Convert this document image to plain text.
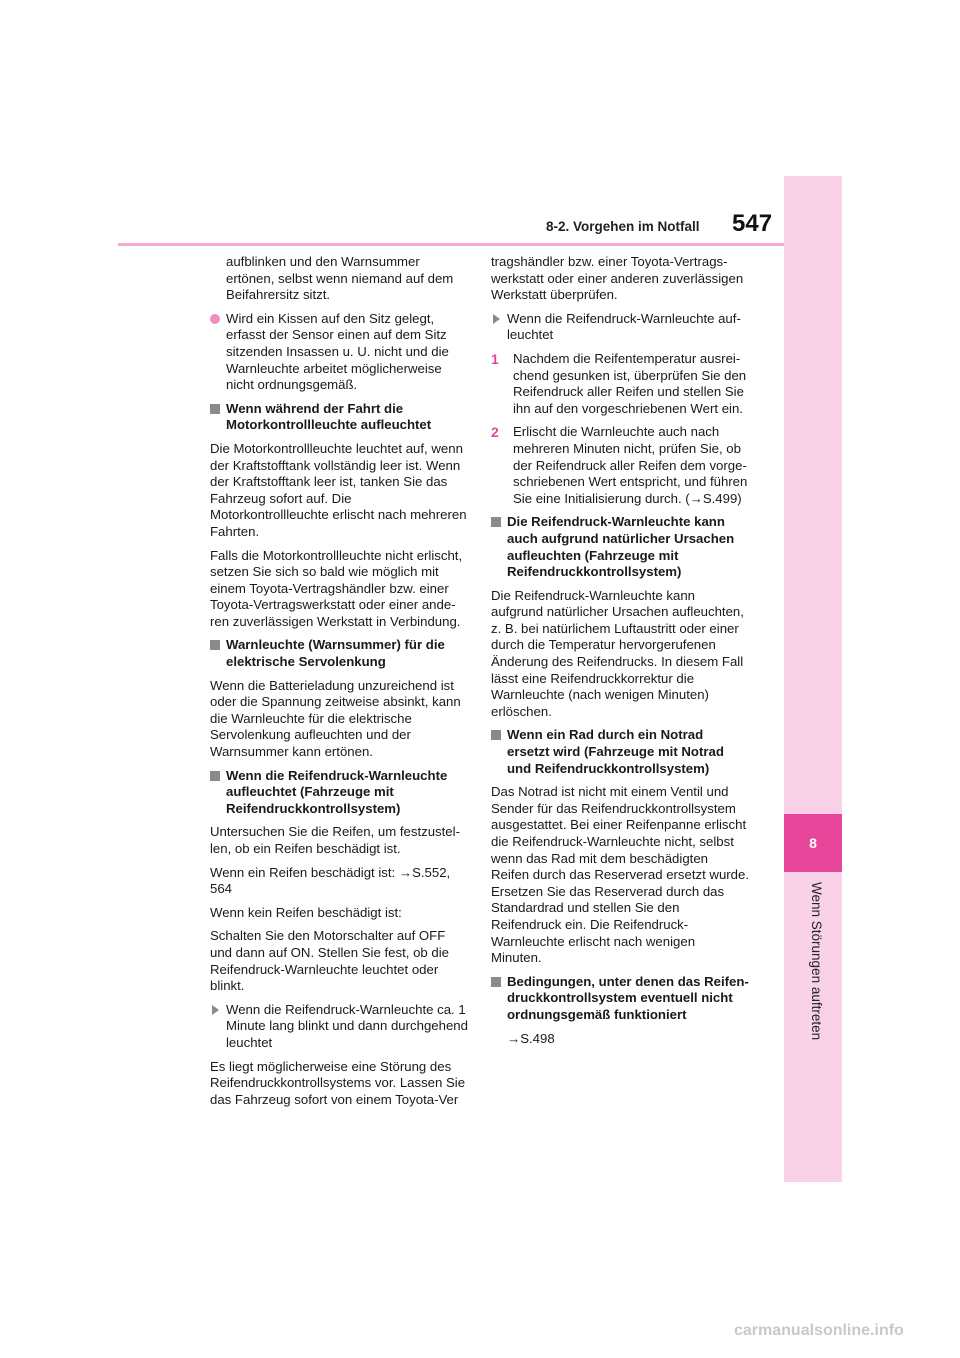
8
Wenn Störungen auftreten
8-2. Vorgehen im Notfall 547

aufblinken und den Warnsummer ertönen, selbst wenn niemand auf dem Beifahrersitz sitzt.

Wird ein Kissen auf den Sitz gelegt, erfasst der Sensor einen auf dem Sitz sitzenden Insassen u. U. nicht und die Warnleuchte arbeitet möglicherweise nicht ordnungsgemäß.

Wenn während der Fahrt die Motorkontrollleuchte aufleuchtet

Die Motorkontrollleuchte leuchtet auf, wenn der Kraftstofftank vollständig leer ist. Wenn der Kraftstofftank leer ist, tanken Sie das Fahrzeug sofort auf. Die Motorkontrollleuchte erlischt nach mehreren Fahrten.

Falls die Motorkontrollleuchte nicht erlischt, setzen Sie sich so bald wie möglich mit einem Toyota-Vertragshändler bzw. einer Toyota-Vertragswerkstatt oder einer anderen zuverlässigen Werkstatt in Verbindung.

Warnleuchte (Warnsummer) für die elektrische Servolenkung

Wenn die Batterieladung unzureichend ist oder die Spannung zeitweise absinkt, kann die Warnleuchte für die elektrische Servolenkung aufleuchten und der Warnsummer kann ertönen.

Wenn die Reifendruck-Warnleuchte aufleuchtet (Fahrzeuge mit Reifendruckkontrollsystem)

Untersuchen Sie die Reifen, um festzustellen, ob ein Reifen beschädigt ist.

Wenn ein Reifen beschädigt ist: →S.552, 564

Wenn kein Reifen beschädigt ist:

Schalten Sie den Motorschalter auf OFF und dann auf ON. Stellen Sie fest, ob die Reifendruck-Warnleuchte leuchtet oder blinkt.

Wenn die Reifendruck-Warnleuchte ca. 1 Minute lang blinkt und dann durchgehend leuchtet

Es liegt möglicherweise eine Störung des Reifendruckkontrollsystems vor. Lassen Sie das Fahrzeug sofort von einem Toyota-Ver

tragshändler bzw. einer Toyota-Vertragswerkstatt oder einer anderen zuverlässigen Werkstatt überprüfen.

Wenn die Reifendruck-Warnleuchte aufleuchtet

1 Nachdem die Reifentemperatur ausreichend gesunken ist, überprüfen Sie den Reifendruck aller Reifen und stellen Sie ihn auf den vorgeschriebenen Wert ein.

2 Erlischt die Warnleuchte auch nach mehreren Minuten nicht, prüfen Sie, ob der Reifendruck aller Reifen dem vorgeschriebenen Wert entspricht, und führen Sie eine Initialisierung durch. (→S.499)

Die Reifendruck-Warnleuchte kann auch aufgrund natürlicher Ursachen aufleuchten (Fahrzeuge mit Reifendruckkontrollsystem)

Die Reifendruck-Warnleuchte kann aufgrund natürlicher Ursachen aufleuchten, z. B. bei natürlichem Luftaustritt oder einer durch die Temperatur hervorgerufenen Änderung des Reifendrucks. In diesem Fall lässt eine Reifendruckkorrektur die Warnleuchte (nach wenigen Minuten) erlöschen.

Wenn ein Rad durch ein Notrad ersetzt wird (Fahrzeuge mit Notrad und Reifendruckkontrollsystem)

Das Notrad ist nicht mit einem Ventil und Sender für das Reifendruckkontrollsystem ausgestattet. Bei einer Reifenpanne erlischt die Reifendruck-Warnleuchte nicht, selbst wenn das Rad mit dem beschädigten Reifen durch das Reserverad ersetzt wurde. Ersetzen Sie das Reserverad durch das Standardrad und stellen Sie den Reifendruck ein. Die Reifendruck-Warnleuchte erlischt nach wenigen Minuten.

Bedingungen, unter denen das Reifendruckkontrollsystem eventuell nicht ordnungsgemäß funktioniert

→S.498

carmanualsonline.info
